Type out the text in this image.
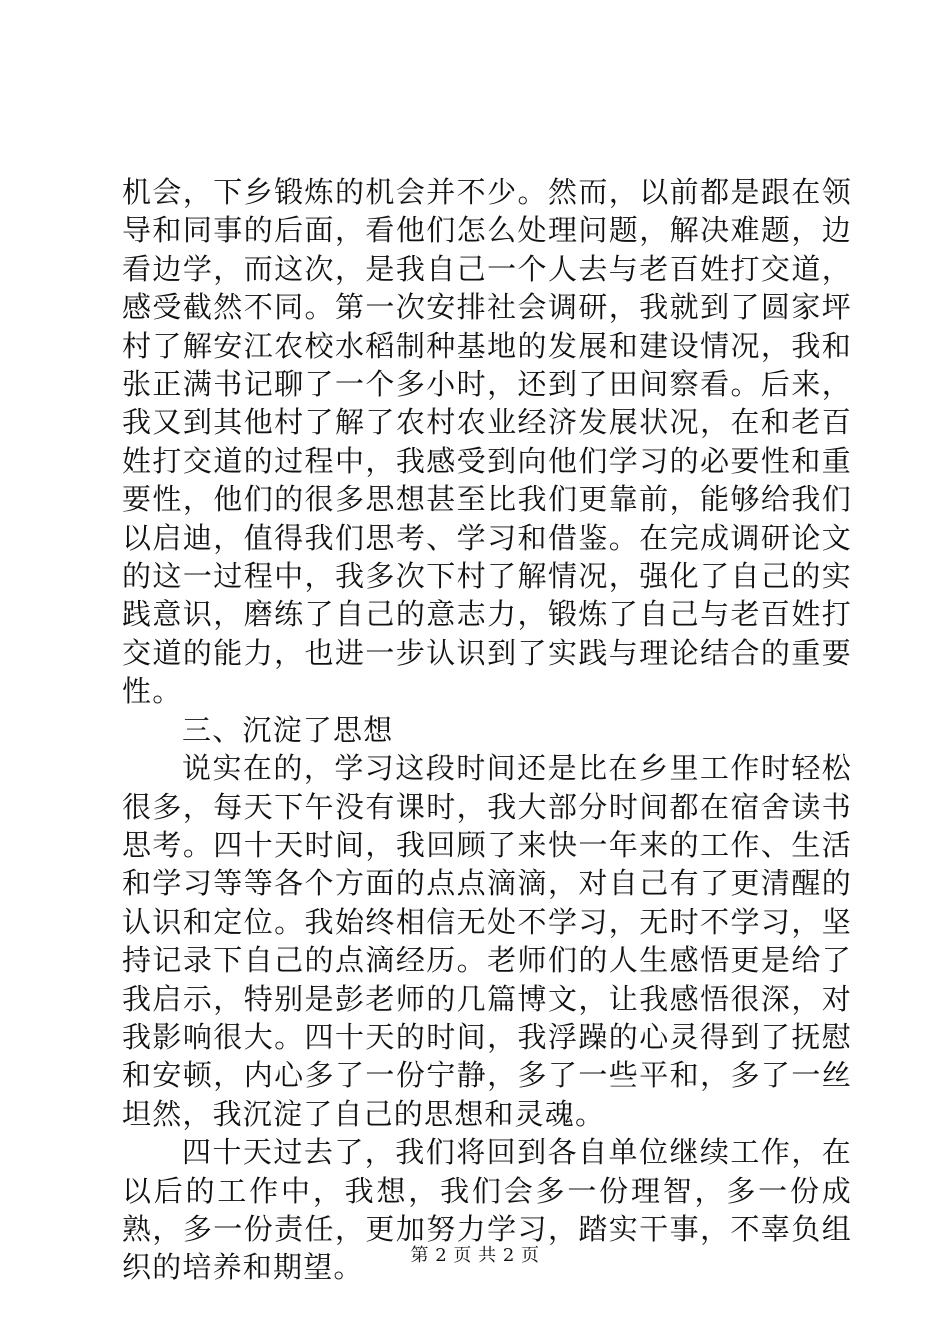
机会，下乡锻炼的机会并不少。然而，以前都是跟在领导和同事的后面，看他们怎么处理问题，解决难题，边看边学，而这次，是我自己一个人去与老百姓打交道，感受截然不同。第一次安排社会调研，我就到了圆家坪村了解安江农校水稻制种基地的发展和建设情况，我和张正满书记聊了一个多小时，还到了田间察看。后来，我又到其他村了解了农村农业经济发展状况，在和老百姓打交道的过程中，我感受到向他们学习的必要性和重要性，他们的很多思想甚至比我们更靠前，能够给我们以启迪，值得我们思考、学习和借鉴。在完成调研论文的这一过程中，我多次下村了解情况，强化了自己的实践意识，磨练了自己的意志力，锻炼了自己与老百姓打交道的能力，也进一步认识到了实践与理论结合的重要性。

三、沉淀了思想

说实在的，学习这段时间还是比在乡里工作时轻松很多，每天下午没有课时，我大部分时间都在宿舍读书思考。四十天时间，我回顾了来快一年来的工作、生活和学习等等各个方面的点点滴滴，对自己有了更清醒的认识和定位。我始终相信无处不学习，无时不学习，坚持记录下自己的点滴经历。老师们的人生感悟更是给了我启示，特别是彭老师的几篇博文，让我感悟很深，对我影响很大。四十天的时间，我浮躁的心灵得到了抚慰和安顿，内心多了一份宁静，多了一些平和，多了一丝坦然，我沉淀了自己的思想和灵魂。

四十天过去了，我们将回到各自单位继续工作，在以后的工作中，我想，我们会多一份理智，多一份成熟，多一份责任，更加努力学习，踏实干事，不辜负组织的培养和期望。	第 2 页 共 2 页
